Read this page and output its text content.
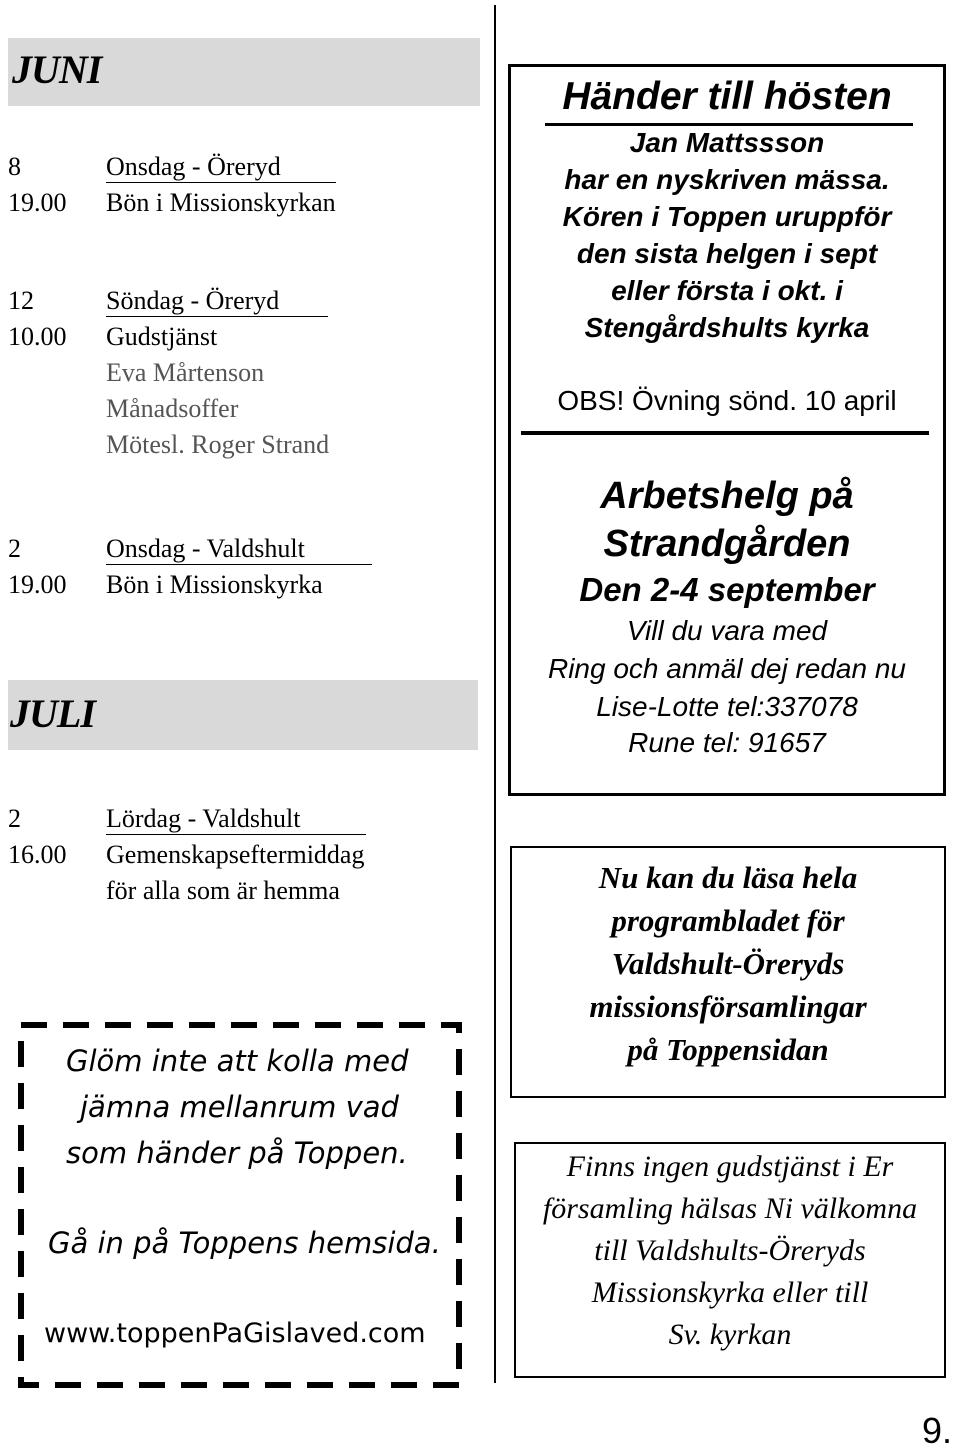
JUNI
8	Onsdag - Öreryd
19.00 Bön i Missionskyrkan
12	Söndag - Öreryd
10.00 Gudstjänst
Eva Mårtenson
Månadsoffer
Mötesl. Roger Strand
2	Onsdag - Valdshult
19.00 Bön i Missionskyrka
JULI
2	Lördag - Valdshult
16.00 Gemenskapseftermiddag
för alla som är hemma
Glöm inte att kolla med
jämna mellanrum vad
som händer på Toppen.
Gå in på Toppens hemsida.
www.toppenPaGislaved.com
Händer till hösten
Jan Mattssson
har en nyskriven mässa.
Kören i Toppen uruppför
den sista helgen i sept
eller första i okt. i
Stengårdshults kyrka
OBS! Övning sönd. 10 april
Arbetshelg på
Strandgården
Den 2-4 september
Vill du vara med
Ring och anmäl dej redan nu
Lise-Lotte tel:337078
Rune tel: 91657
Nu kan du läsa hela
programbladet för
Valdshult-Öreryds
missionsförsamlingar
på Toppensidan
Finns ingen gudstjänst i Er
församling hälsas Ni välkomna
till Valdshults-Öreryds
Missionskyrka eller till
Sv. kyrkan
9.
